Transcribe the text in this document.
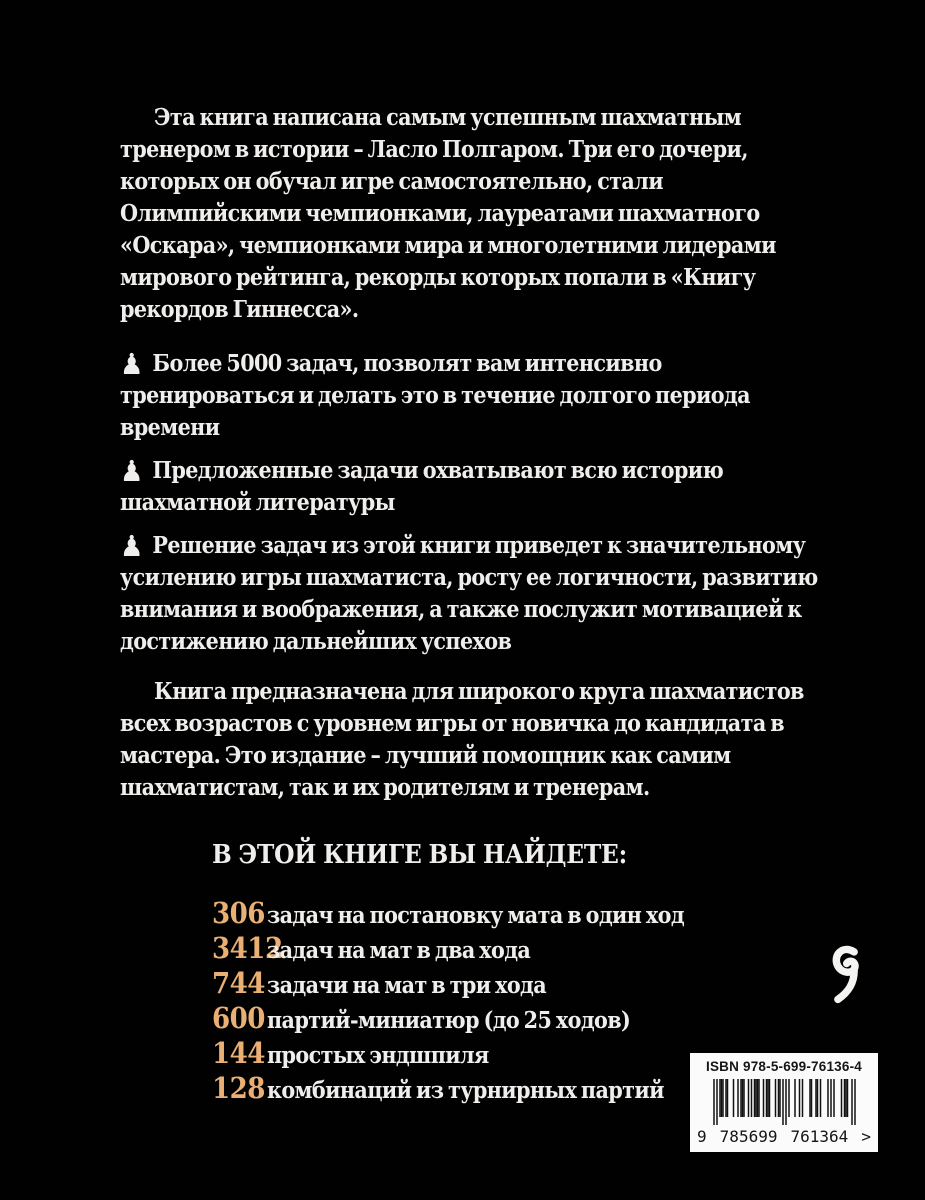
Эта книга написана самым успешным шахматным тренером в истории – Ласло Полгаром. Три его дочери, которых он обучал игре самостоятельно, стали Олимпийскими чемпионками, лауреатами шахматного «Оскара», чемпионками мира и многолетними лидерами мирового рейтинга, рекорды которых попали в «Книгу рекордов Гиннесса».

♟ Более 5000 задач, позволят вам интенсивно тренироваться и делать это в течение долгого периода времени

♟ Предложенные задачи охватывают всю историю шахматной литературы

♟ Решение задач из этой книги приведет к значительному усилению игры шахматиста, росту ее логичности, развитию внимания и воображения, а также послужит мотивацией к достижению дальнейших успехов

Книга предназначена для широкого круга шахматистов всех возрастов с уровнем игры от новичка до кандидата в мастера. Это издание – лучший помощник как самим шахматистам, так и их родителям и тренерам.

В ЭТОЙ КНИГЕ ВЫ НАЙДЕТЕ:
306 задач на постановку мата в один ход
3412
задач на мат в два хода
744 задачи на мат в три хода
600 партий-миниатюр (до 25 ходов)
144 простых эндшпиля
128 комбинаций из турнирных партий
ISBN 978-5-699-76136-4
9 785699 761364 >
